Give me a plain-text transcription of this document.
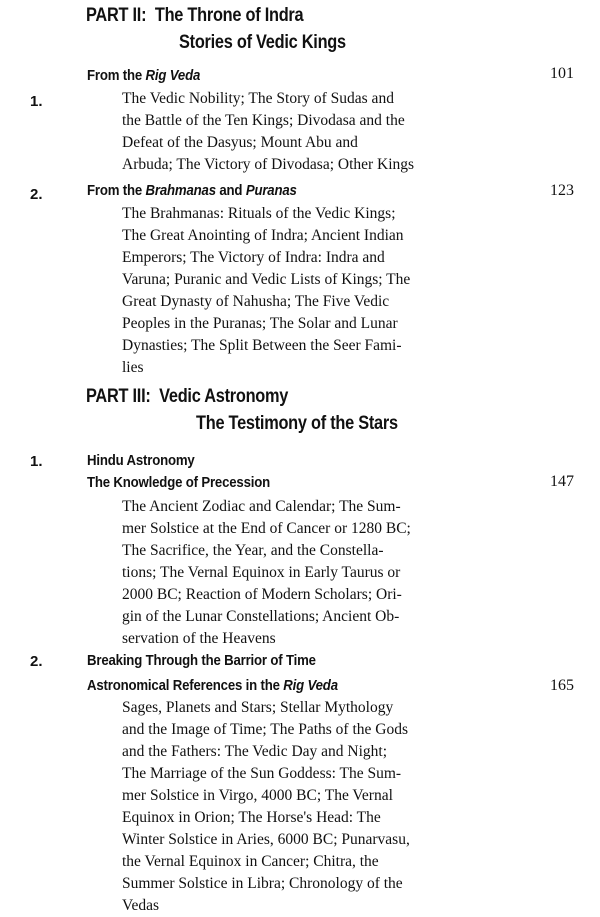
PART II: The Throne of Indra
Stories of Vedic Kings
1.
From the Rig Veda	101
The Vedic Nobility; The Story of Sudas and
the Battle of the Ten Kings; Divodasa and the
Defeat of the Dasyus; Mount Abu and
Arbuda; The Victory of Divodasa; Other Kings
2.	From the Brahmanas and Puranas	123
The Brahmanas: Rituals of the Vedic Kings;
The Great Anointing of Indra; Ancient Indian
Emperors; The Victory of Indra: Indra and
Varuna; Puranic and Vedic Lists of Kings; The
Great Dynasty of Nahusha; The Five Vedic
Peoples in the Puranas; The Solar and Lunar
Dynasties; The Split Between the Seer Fami-
lies
PART III: Vedic Astronomy
The Testimony of the Stars
1.	Hindu Astronomy
The Knowledge of Precession	147
The Ancient Zodiac and Calendar; The Sum-
mer Solstice at the End of Cancer or 1280 BC;
The Sacrifice, the Year, and the Constella-
tions; The Vernal Equinox in Early Taurus or
2000 BC; Reaction of Modern Scholars; Ori-
gin of the Lunar Constellations; Ancient Ob-
servation of the Heavens
2.	Breaking Through the Barrior of Time
Astronomical References in the Rig Veda	165
Sages, Planets and Stars; Stellar Mythology
and the Image of Time; The Paths of the Gods
and the Fathers: The Vedic Day and Night;
The Marriage of the Sun Goddess: The Sum-
mer Solstice in Virgo, 4000 BC; The Vernal
Equinox in Orion; The Horse's Head: The
Winter Solstice in Aries, 6000 BC; Punarvasu,
the Vernal Equinox in Cancer; Chitra, the
Summer Solstice in Libra; Chronology of the
Vedas
